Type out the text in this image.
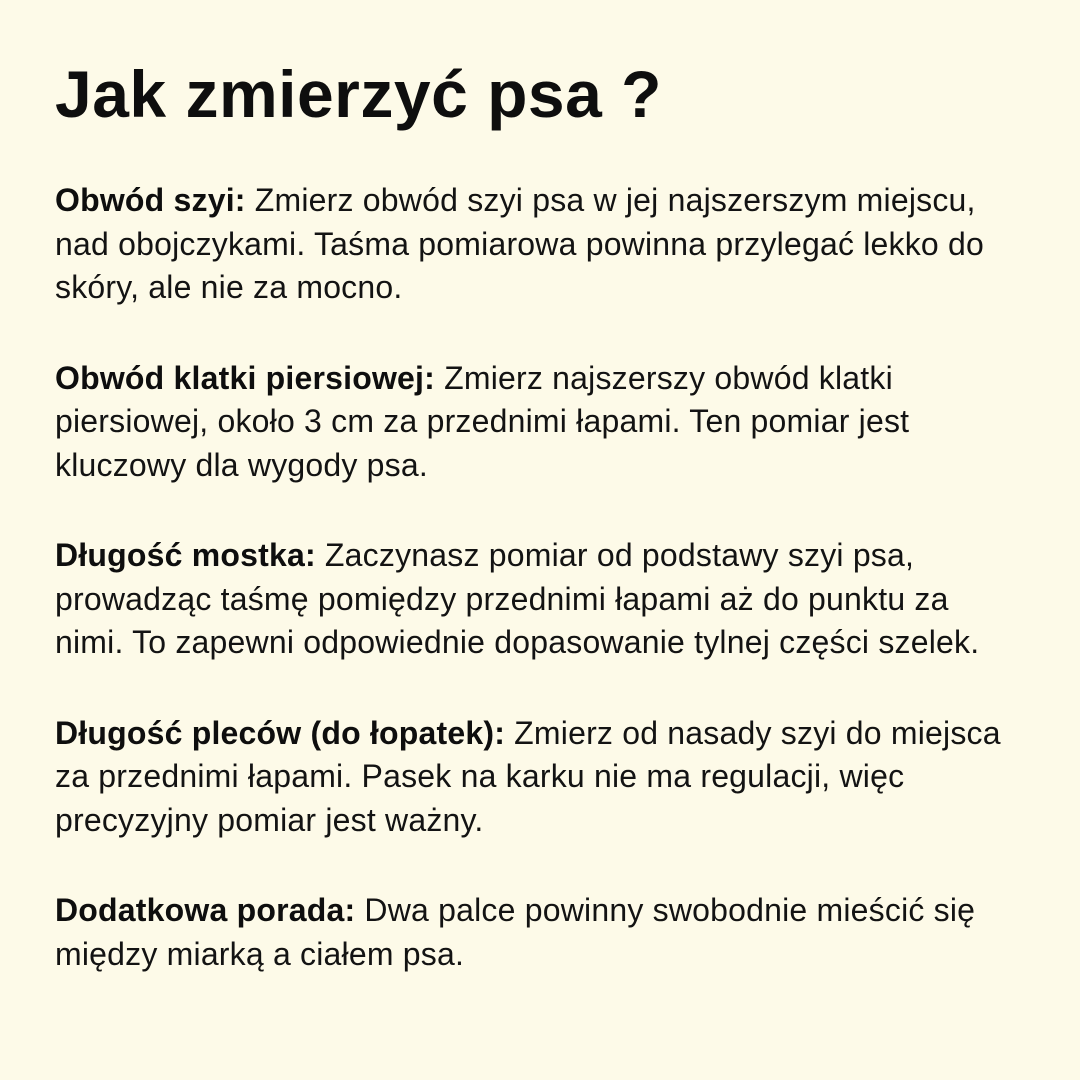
Jak zmierzyć psa ?

Obwód szyi: Zmierz obwód szyi psa w jej najszerszym miejscu, nad obojczykami. Taśma pomiarowa powinna przylegać lekko do skóry, ale nie za mocno.

Obwód klatki piersiowej: Zmierz najszerszy obwód klatki piersiowej, około 3 cm za przednimi łapami. Ten pomiar jest kluczowy dla wygody psa.

Długość mostka: Zaczynasz pomiar od podstawy szyi psa, prowadząc taśmę pomiędzy przednimi łapami aż do punktu za nimi. To zapewni odpowiednie dopasowanie tylnej części szelek.

Długość pleców (do łopatek): Zmierz od nasady szyi do miejsca za przednimi łapami. Pasek na karku nie ma regulacji, więc precyzyjny pomiar jest ważny.

Dodatkowa porada: Dwa palce powinny swobodnie mieścić się między miarką a ciałem psa.
